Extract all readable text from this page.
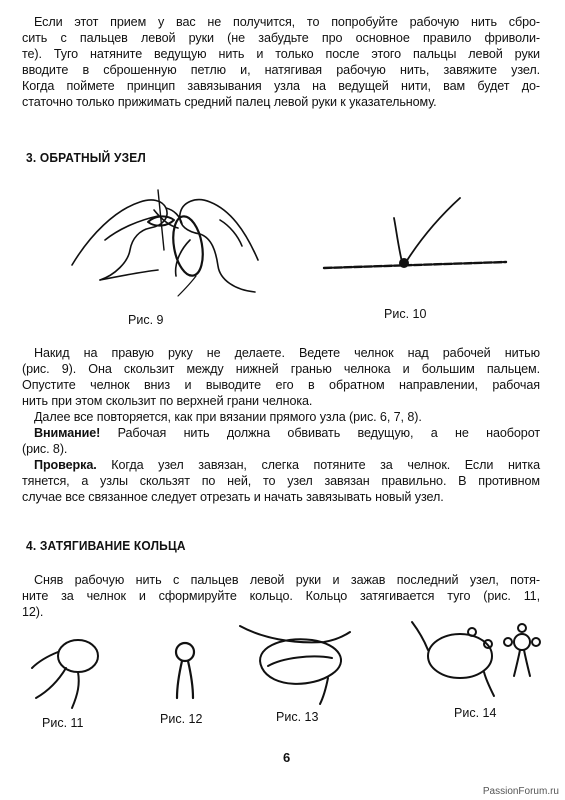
Если этот прием у вас не получится, то попробуйте рабочую нить сбро-
сить с пальцев левой руки (не забудьте про основное правило фриволи-
те). Туго натяните ведущую нить и только после этого пальцы левой руки
вводите в сброшенную петлю и, натягивая рабочую нить, завяжите узел.
Когда поймете принцип завязывания узла на ведущей нити, вам будет до-
статочно только прижимать средний палец левой руки к указательному.
3. ОБРАТНЫЙ УЗЕЛ
Рис. 9	Рис. 10
Накид на правую руку не делаете. Ведете челнок над рабочей нитью
(рис. 9). Она скользит между нижней гранью челнока и большим пальцем.
Опустите челнок вниз и выводите его в обратном направлении, рабочая
нить при этом скользит по верхней грани челнока.
Далее все повторяется, как при вязании прямого узла (рис. 6, 7, 8).
Внимание! Рабочая нить должна обвивать ведущую, а не наоборот
(рис. 8).
Проверка. Когда узел завязан, слегка потяните за челнок. Если нитка
тянется, а узлы скользят по ней, то узел завязан правильно. В противном
случае все связанное следует отрезать и начать завязывать новый узел.
4. ЗАТЯГИВАНИЕ КОЛЬЦА
Сняв рабочую нить с пальцев левой руки и зажав последний узел, потя-
ните за челнок и сформируйте кольцо. Кольцо затягивается туго (рис. 11,
12).
Рис. 11	Рис. 12	Рис. 13	Рис. 14
6
PassionForum.ru
